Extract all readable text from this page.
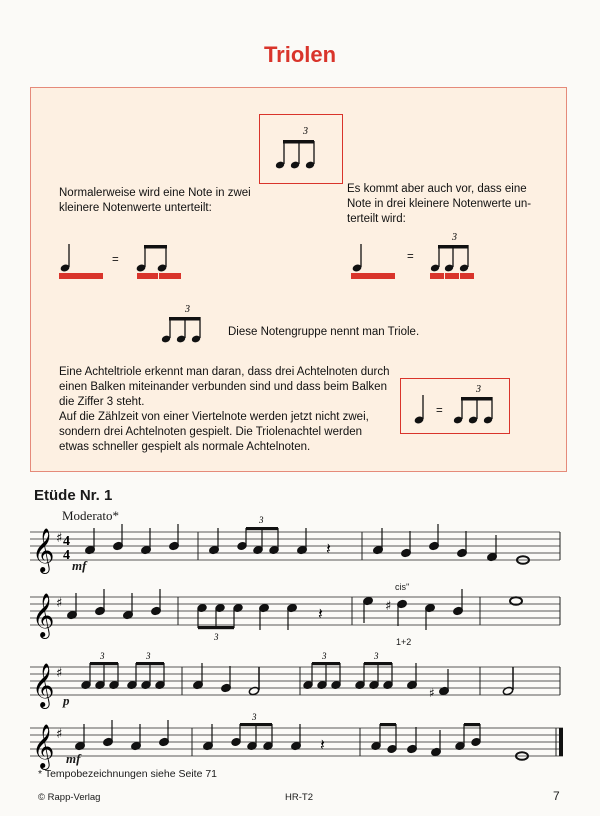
Triolen
3
Normalerweise wird eine Note in zwei
kleinere Notenwerte unterteilt:
Es kommt aber auch vor, dass eine
Note in drei kleinere Notenwerte un-
terteilt wird:
=
3
=
3
Diese Notengruppe nennt man Triole.
Eine Achteltriole erkennt man daran, dass drei Achtelnoten durch
einen Balken miteinander verbunden sind und dass beim Balken
die Ziffer 3 steht.
Auf die Zählzeit von einer Viertelnote werden jetzt nicht zwei,
sondern drei Achtelnoten gespielt. Die Triolenachtel werden
etwas schneller gespielt als normale Achtelnoten.
3
=
Etüde Nr. 1
Moderato*
𝄞 ♯ 4
4	𝄽
3
mf
𝄞 ♯	♯
𝄽
3
cis''
1+2
𝄞 ♯
♯
3	3	3	3
p
𝄞 ♯
𝄽
3
mf
* Tempobezeichnungen siehe Seite 71
© Rapp-Verlag	HR-T2	7
